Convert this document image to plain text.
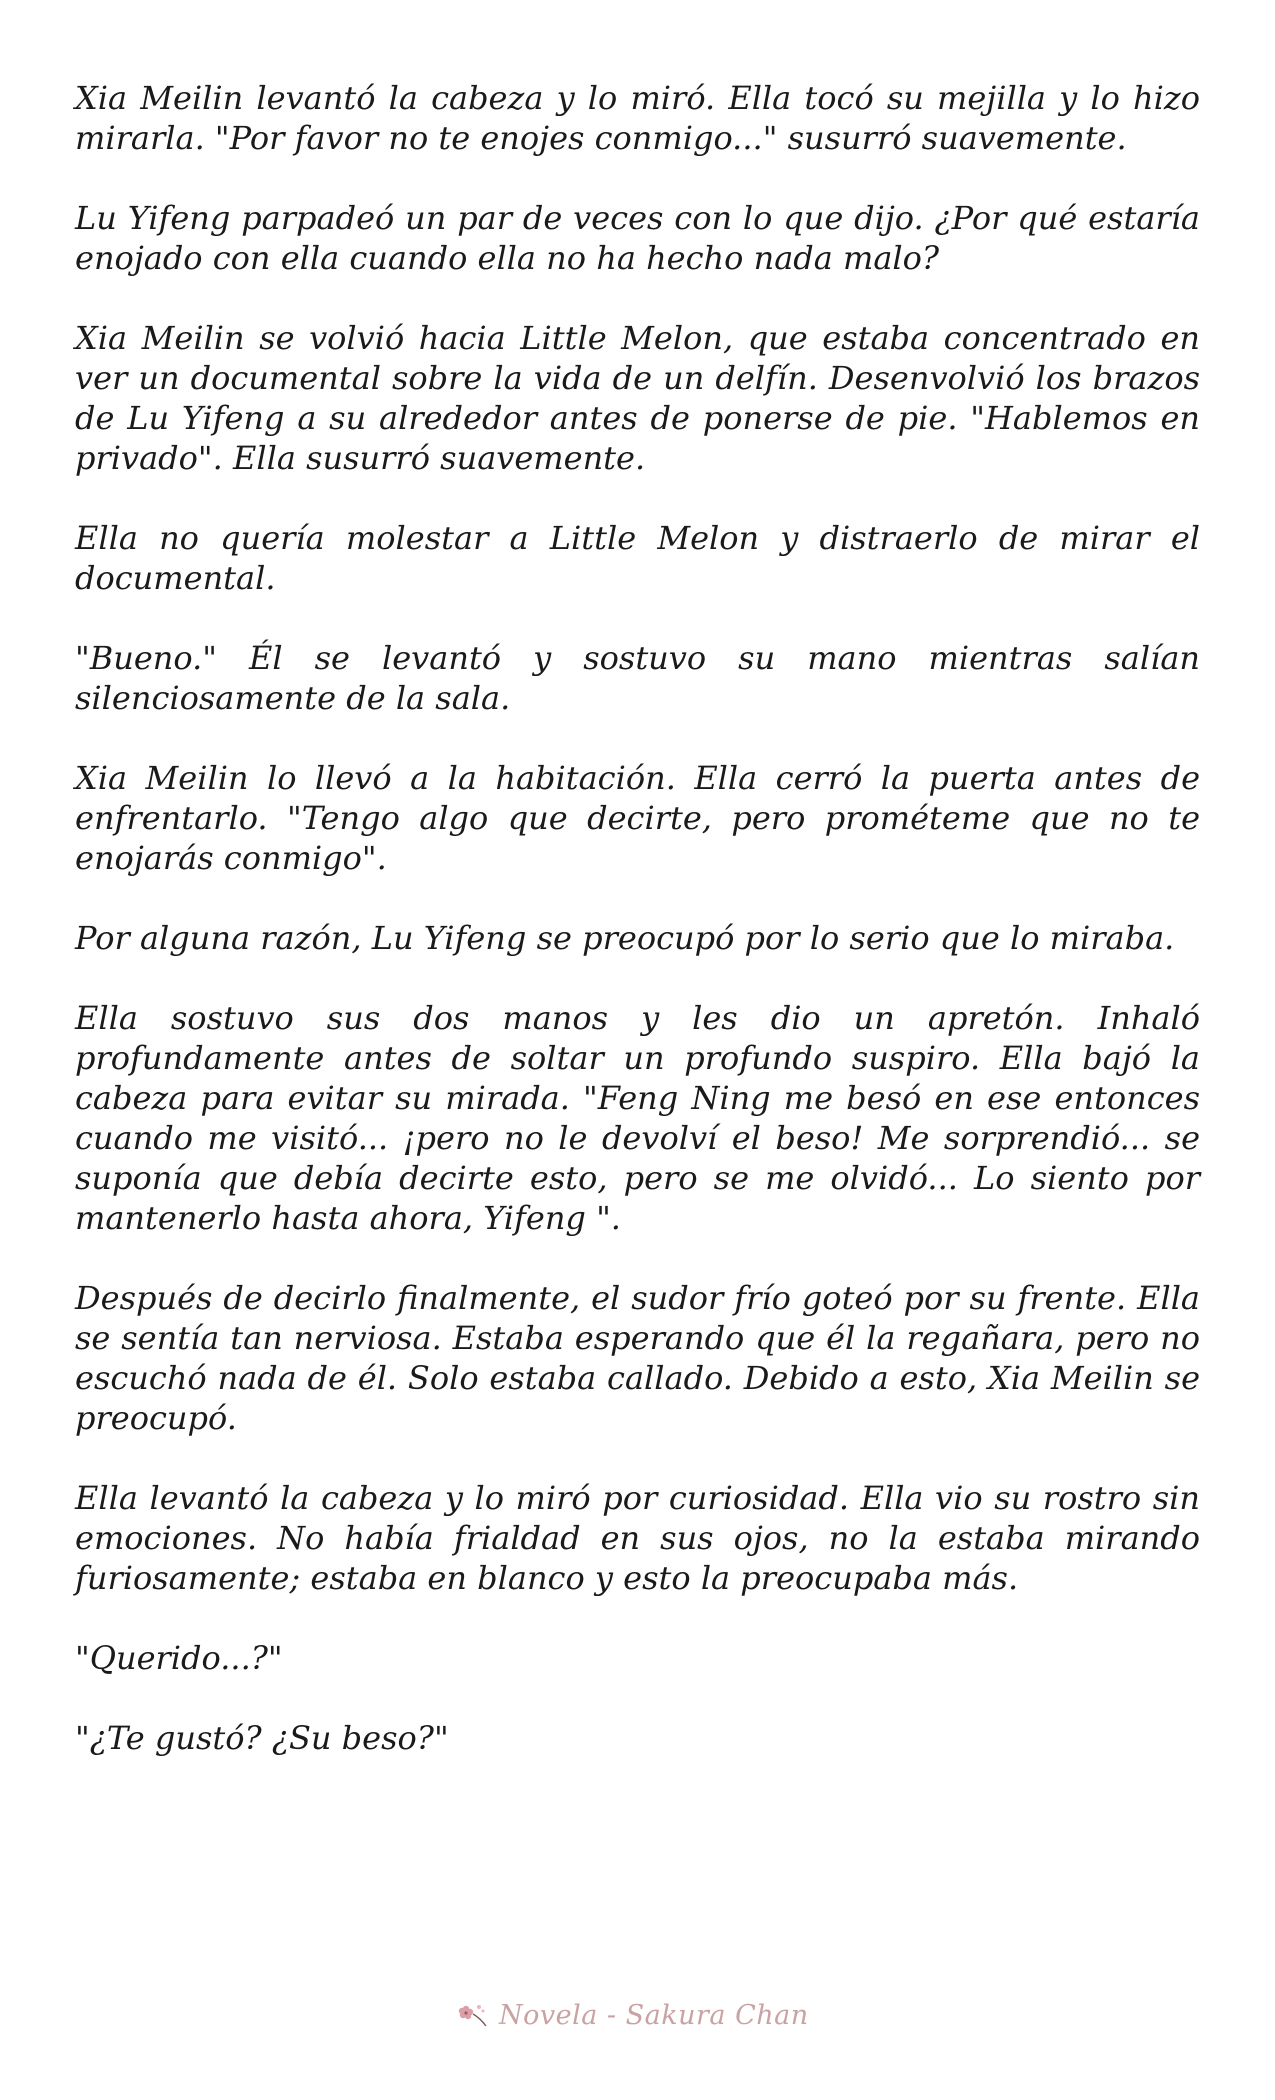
Xia Meilin levantó la cabeza y lo miró. Ella tocó su mejilla y lo hizo mirarla. "Por favor no te enojes conmigo..." susurró suavemente.

Lu Yifeng parpadeó un par de veces con lo que dijo. ¿Por qué estaría enojado con ella cuando ella no ha hecho nada malo?

Xia Meilin se volvió hacia Little Melon, que estaba concentrado en ver un documental sobre la vida de un delfín. Desenvolvió los brazos de Lu Yifeng a su alrededor antes de ponerse de pie. "Hablemos en privado". Ella susurró suavemente.

Ella no quería molestar a Little Melon y distraerlo de mirar el documental.

"Bueno." Él se levantó y sostuvo su mano mientras salían silenciosamente de la sala.

Xia Meilin lo llevó a la habitación. Ella cerró la puerta antes de enfrentarlo. "Tengo algo que decirte, pero prométeme que no te enojarás conmigo".

Por alguna razón, Lu Yifeng se preocupó por lo serio que lo miraba.

Ella sostuvo sus dos manos y les dio un apretón. Inhaló profundamente antes de soltar un profundo suspiro. Ella bajó la cabeza para evitar su mirada. "Feng Ning me besó en ese entonces cuando me visitó... ¡pero no le devolví el beso! Me sorprendió... se suponía que debía decirte esto, pero se me olvidó... Lo siento por mantenerlo hasta ahora, Yifeng ".

Después de decirlo finalmente, el sudor frío goteó por su frente. Ella se sentía tan nerviosa. Estaba esperando que él la regañara, pero no escuchó nada de él. Solo estaba callado. Debido a esto, Xia Meilin se preocupó.

Ella levantó la cabeza y lo miró por curiosidad. Ella vio su rostro sin emociones. No había frialdad en sus ojos, no la estaba mirando furiosamente; estaba en blanco y esto la preocupaba más.

"Querido...?"

"¿Te gustó? ¿Su beso?"

Novela - Sakura Chan
